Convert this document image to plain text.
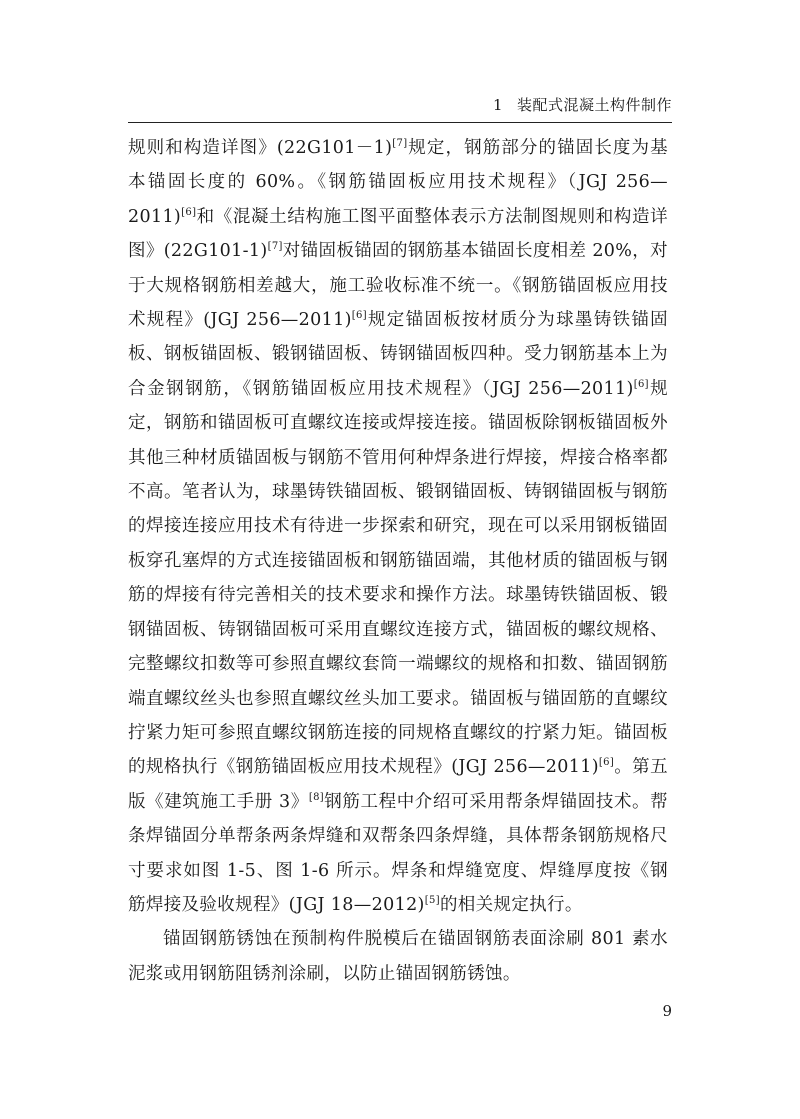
1 装配式混凝土构件制作

规则和构造详图》(22G101－1)[7]规定，钢筋部分的锚固长度为基本锚固长度的 60%。《钢筋锚固板应用技术规程》（JGJ 256—2011)[6]和《混凝土结构施工图平面整体表示方法制图规则和构造详图》(22G101-1)[7]对锚固板锚固的钢筋基本锚固长度相差 20%，对于大规格钢筋相差越大，施工验收标准不统一。《钢筋锚固板应用技术规程》(JGJ 256—2011)[6]规定锚固板按材质分为球墨铸铁锚固板、钢板锚固板、锻钢锚固板、铸钢锚固板四种。受力钢筋基本上为合金钢钢筋，《钢筋锚固板应用技术规程》（JGJ 256—2011)[6]规定，钢筋和锚固板可直螺纹连接或焊接连接。锚固板除钢板锚固板外其他三种材质锚固板与钢筋不管用何种焊条进行焊接，焊接合格率都不高。笔者认为，球墨铸铁锚固板、锻钢锚固板、铸钢锚固板与钢筋的焊接连接应用技术有待进一步探索和研究，现在可以采用钢板锚固板穿孔塞焊的方式连接锚固板和钢筋锚固端，其他材质的锚固板与钢筋的焊接有待完善相关的技术要求和操作方法。球墨铸铁锚固板、锻钢锚固板、铸钢锚固板可采用直螺纹连接方式，锚固板的螺纹规格、完整螺纹扣数等可参照直螺纹套筒一端螺纹的规格和扣数、锚固钢筋端直螺纹丝头也参照直螺纹丝头加工要求。锚固板与锚固筋的直螺纹拧紧力矩可参照直螺纹钢筋连接的同规格直螺纹的拧紧力矩。锚固板的规格执行《钢筋锚固板应用技术规程》(JGJ 256—2011)[6]。第五版《建筑施工手册 3》[8]钢筋工程中介绍可采用帮条焊锚固技术。帮条焊锚固分单帮条两条焊缝和双帮条四条焊缝，具体帮条钢筋规格尺寸要求如图 1-5、图 1-6 所示。焊条和焊缝宽度、焊缝厚度按《钢筋焊接及验收规程》(JGJ 18—2012)[5]的相关规定执行。

锚固钢筋锈蚀在预制构件脱模后在锚固钢筋表面涂刷 801 素水泥浆或用钢筋阻锈剂涂刷，以防止锚固钢筋锈蚀。

9
